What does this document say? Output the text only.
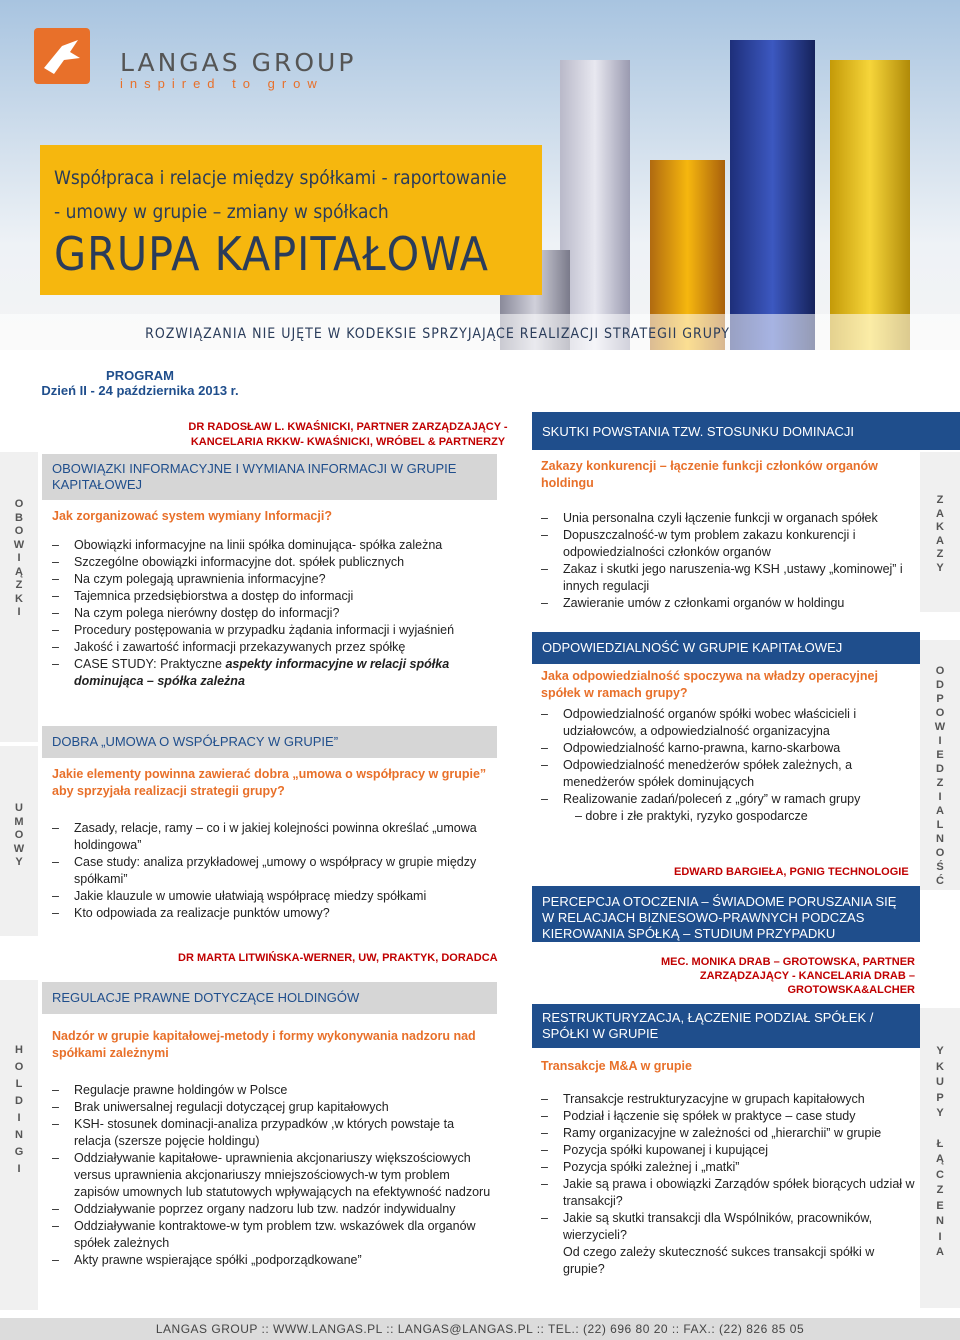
LANGAS GROUP
inspired to grow
Współpraca i relacje między spółkami - raportowanie
- umowy w grupie – zmiany w spółkach
GRUPA KAPITAŁOWA
ROZWIĄZANIA NIE UJĘTE W KODEKSIE SPRZYJAJĄCE REALIZACJI STRATEGII GRUPY
PROGRAM
Dzień II - 24 października 2013 r.
O
B
O
W
I
Ą
Z
K
I
U
M
O
W
Y
H
O
L
D
I
N
G
I
DR RADOSŁAW L. KWAŚNICKI, PARTNER ZARZĄDZAJĄCY -
KANCELARIA RKKW- KWAŚNICKI, WRÓBEL & PARTNERZY
OBOWIĄZKI INFORMACYJNE I WYMIANA INFORMACJI W GRUPIE KAPITAŁOWEJ
Jak zorganizować system wymiany Informacji?
– Obowiązki informacyjne na linii spółka dominująca- spółka zależna
– Szczególne obowiązki informacyjne dot. spółek publicznych
– Na czym polegają uprawnienia informacyjne?
– Tajemnica przedsiębiorstwa a dostęp do informacji
– Na czym polega nierówny dostęp do informacji?
– Procedury postępowania w przypadku żądania informacji i wyjaśnień
– Jakość i zawartość informacji przekazywanych przez spółkę
– CASE STUDY: Praktyczne aspekty informacyjne w relacji spółka dominująca – spółka zależna
DOBRA „UMOWA O WSPÓŁPRACY W GRUPIE”
Jakie elementy powinna zawierać dobra „umowa o współpracy w grupie” aby sprzyjała realizacji strategii grupy?
– Zasady, relacje, ramy – co i w jakiej kolejności powinna określać „umowa holdingowa”
– Case study: analiza przykładowej „umowy o współpracy w grupie między spółkami”
– Jakie klauzule w umowie ułatwiają współpracę miedzy spółkami
– Kto odpowiada za realizacje punktów umowy?
DR MARTA LITWIŃSKA-WERNER, UW, PRAKTYK, DORADCA
REGULACJE PRAWNE DOTYCZĄCE HOLDINGÓW
Nadzór w grupie kapitałowej-metody i formy wykonywania nadzoru nad spółkami zależnymi
– Regulacje prawne holdingów w Polsce
– Brak uniwersalnej regulacji dotyczącej grup kapitałowych
– KSH- stosunek dominacji-analiza przypadków ,w których powstaje ta relacja (szersze pojęcie holdingu)
– Oddziaływanie kapitałowe- uprawnienia akcjonariuszy większościowych versus uprawnienia akcjonariuszy mniejszościowych-w tym problem zapisów umownych lub statutowych wpływających na efektywność nadzoru
– Oddziaływanie poprzez organy nadzoru lub tzw. nadzór indywidualny
– Oddziaływanie kontraktowe-w tym problem tzw. wskazówek dla organów spółek zależnych
– Akty prawne wspierające spółki „podporządkowane”
Z
A
K
A
Z
Y
O
D
P
O
W
I
E
D
Z
I
A
L
N
O
Ś
Ć
Y
K
U
P
Y
Ł
Ą
C
Z
E
N
I
A
SKUTKI POWSTANIA TZW. STOSUNKU DOMINACJI
Zakazy konkurencji – łączenie funkcji członków organów holdingu
– Unia personalna czyli łączenie funkcji w organach spółek
– Dopuszczalność-w tym problem zakazu konkurencji i odpowiedzialności członków organów
– Zakaz i skutki jego naruszenia-wg KSH ,ustawy „kominowej” i innych regulacji
– Zawieranie umów z członkami organów w holdingu
ODPOWIEDZIALNOŚĆ W GRUPIE KAPITAŁOWEJ
Jaka odpowiedzialność spoczywa na władzy operacyjnej spółek w ramach grupy?
– Odpowiedzialność organów spółki wobec właścicieli i udziałowców, a odpowiedzialność organizacyjna
– Odpowiedzialność karno-prawna, karno-skarbowa
– Odpowiedzialność menedżerów spółek zależnych, a menedżerów spółek dominujących
– Realizowanie zadań/poleceń z „góry” w ramach grupy
– dobre i złe praktyki, ryzyko gospodarcze
EDWARD BARGIEŁA, PGNIG TECHNOLOGIE
PERCEPCJA OTOCZENIA – ŚWIADOME PORUSZANIA SIĘ W RELACJACH BIZNESOWO-PRAWNYCH PODCZAS KIEROWANIA SPÓŁKĄ – STUDIUM PRZYPADKU
MEC. MONIKA DRAB – GROTOWSKA, PARTNER
ZARZĄDZAJĄCY - KANCELARIA DRAB –
GROTOWSKA&ALCHER
RESTRUKTURYZACJA, ŁĄCZENIE PODZIAŁ SPÓŁEK / SPÓŁKI W GRUPIE
Transakcje M&A w grupie
– Transakcje restrukturyzacyjne w grupach kapitałowych
– Podział i łączenie się spółek w praktyce – case study
– Ramy organizacyjne w zależności od „hierarchii” w grupie
– Pozycja spółki kupowanej i kupującej
– Pozycja spółki zależnej i „matki”
– Jakie są prawa i obowiązki Zarządów spółek biorących udział w transakcji?
– Jakie są skutki transakcji dla Wspólników, pracowników, wierzycieli?
Od czego zależy skuteczność sukces transakcji spółki w grupie?
LANGAS GROUP :: WWW.LANGAS.PL :: LANGAS@LANGAS.PL :: TEL.: (22) 696 80 20 :: FAX.: (22) 826 85 05
